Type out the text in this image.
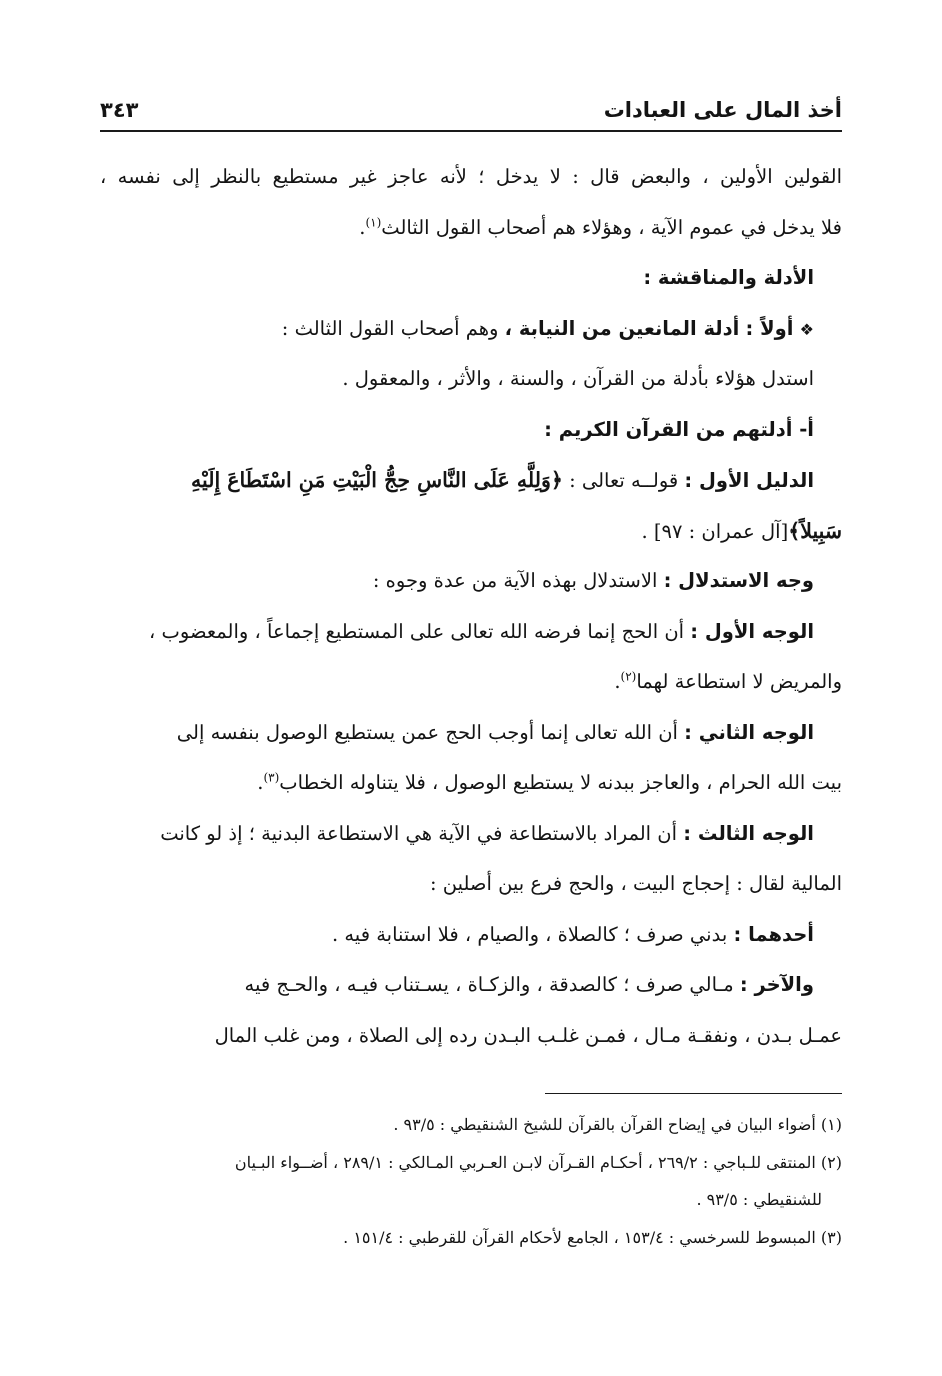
أخذ المال على العبادات
٣٤٣
القولين الأولين ، والبعض قال : لا يدخل ؛ لأنه عاجز غير مستطيع بالنظر إلى نفسه ،
فلا يدخل في عموم الآية ، وهؤلاء هم أصحاب القول الثالث$^{(١)}$.
الأدلة والمناقشة :
❖ أولاً : أدلة المانعين من النيابة ، وهم أصحاب القول الثالث :
استدل هؤلاء بأدلة من القرآن ، والسنة ، والأثر ، والمعقول .
أ- أدلتهم من القرآن الكريم :
الدليل الأول : قولــه تعالى : ﴿وَلِلَّهِ عَلَى النَّاسِ حِجُّ الْبَيْتِ مَنِ اسْتَطَاعَ إِلَيْهِ
سَبِيلاً﴾[آل عمران : ٩٧] .
وجه الاستدلال : الاستدلال بهذه الآية من عدة وجوه :
الوجه الأول : أن الحج إنما فرضه الله تعالى على المستطيع إجماعاً ، والمعضوب ،
والمريض لا استطاعة لهما$^{(٢)}$.
الوجه الثاني : أن الله تعالى إنما أوجب الحج عمن يستطيع الوصول بنفسه إلى
بيت الله الحرام ، والعاجز ببدنه لا يستطيع الوصول ، فلا يتناوله الخطاب$^{(٣)}$.
الوجه الثالث : أن المراد بالاستطاعة في الآية هي الاستطاعة البدنية ؛ إذ لو كانت
المالية لقال : إحجاج البيت ، والحج فرع بين أصلين :
أحدهما : بدني صرف ؛ كالصلاة ، والصيام ، فلا استنابة فيه .
والآخر : مـالي صرف ؛ كالصدقة ، والزكـاة ، يسـتناب فيـه ، والحـج فيه
عمـل بـدن ، ونفقـة مـال ، فمـن غلـب البـدن رده إلى الصلاة ، ومن غلب المال
(١) أضواء البيان في إيضاح القرآن بالقرآن للشيخ الشنقيطي : ٩٣/٥ .
(٢) المنتقى للـباجي : ٢٦٩/٢ ، أحكـام القـرآن لابـن العـربي المـالكي : ٢٨٩/١ ، أضــواء البـيان
للشنقيطي : ٩٣/٥ .
(٣) المبسوط للسرخسي : ١٥٣/٤ ، الجامع لأحكام القرآن للقرطبي : ١٥١/٤ .
